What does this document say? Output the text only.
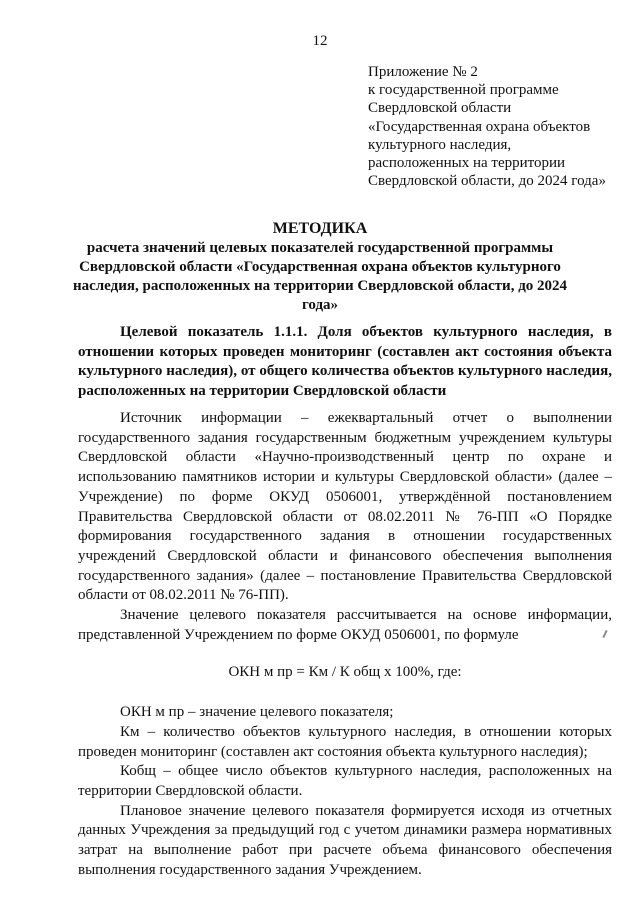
12
Приложение № 2
к государственной программе
Свердловской области
«Государственная охрана объектов
культурного наследия,
расположенных на территории
Свердловской области, до 2024 года»
МЕТОДИКА
расчета значений целевых показателей государственной программы Свердловской области «Государственная охрана объектов культурного наследия, расположенных на территории Свердловской области, до 2024 года»
Целевой показатель 1.1.1. Доля объектов культурного наследия, в отношении которых проведен мониторинг (составлен акт состояния объекта культурного наследия), от общего количества объектов культурного наследия, расположенных на территории Свердловской области

Источник информации – ежеквартальный отчет о выполнении государственного задания государственным бюджетным учреждением культуры Свердловской области «Научно-производственный центр по охране и использованию памятников истории и культуры Свердловской области» (далее – Учреждение) по форме ОКУД 0506001, утверждённой постановлением Правительства Свердловской области от 08.02.2011 № 76-ПП «О Порядке формирования государственного задания в отношении государственных учреждений Свердловской области и финансового обеспечения выполнения государственного задания» (далее – постановление Правительства Свердловской области от 08.02.2011 № 76-ПП).

Значение целевого показателя рассчитывается на основе информации, представленной Учреждением по форме ОКУД 0506001, по формуле

ОКН м пр = Км / К общ х 100%, где:

ОКН м пр – значение целевого показателя;

Км – количество объектов культурного наследия, в отношении которых проведен мониторинг (составлен акт состояния объекта культурного наследия);

Кобщ – общее число объектов культурного наследия, расположенных на территории Свердловской области.

Плановое значение целевого показателя формируется исходя из отчетных данных Учреждения за предыдущий год с учетом динамики размера нормативных затрат на выполнение работ при расчете объема финансового обеспечения выполнения государственного задания Учреждением.
